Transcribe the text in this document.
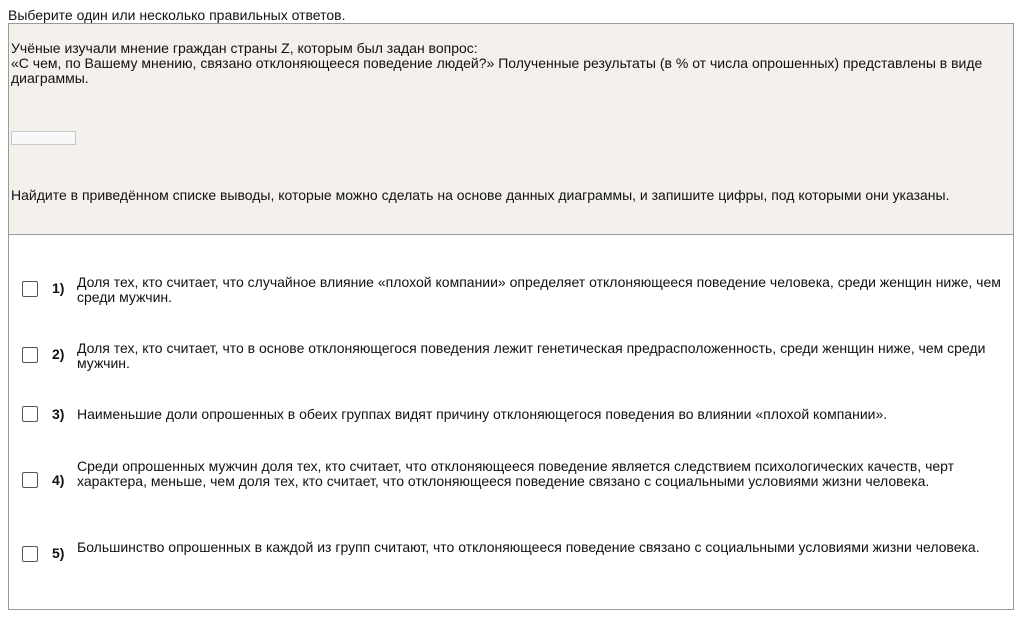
Выберите один или несколько правильных ответов.

Учёные изучали мнение граждан страны Z, которым был задан вопрос:
«С чем, по Вашему мнению, связано отклоняющееся поведение людей?» Полученные результаты (в % от числа опрошенных) представлены в виде диаграммы.

Найдите в приведённом списке выводы, которые можно сделать на основе данных диаграммы, и запишите цифры, под которыми они указаны.

1) Доля тех, кто считает, что случайное влияние «плохой компании» определяет отклоняющееся поведение человека, среди женщин ниже, чем среди мужчин.
2) Доля тех, кто считает, что в основе отклоняющегося поведения лежит генетическая предрасположенность, среди женщин ниже, чем среди мужчин.
3) Наименьшие доли опрошенных в обеих группах видят причину отклоняющегося поведения во влиянии «плохой компании».
4)
Среди опрошенных мужчин доля тех, кто считает, что отклоняющееся поведение является следствием психологических качеств, черт характера, меньше, чем доля тех, кто считает, что отклоняющееся поведение связано с социальными условиями жизни человека.
5) Большинство опрошенных в каждой из групп считают, что отклоняющееся поведение связано с социальными условиями жизни человека.
